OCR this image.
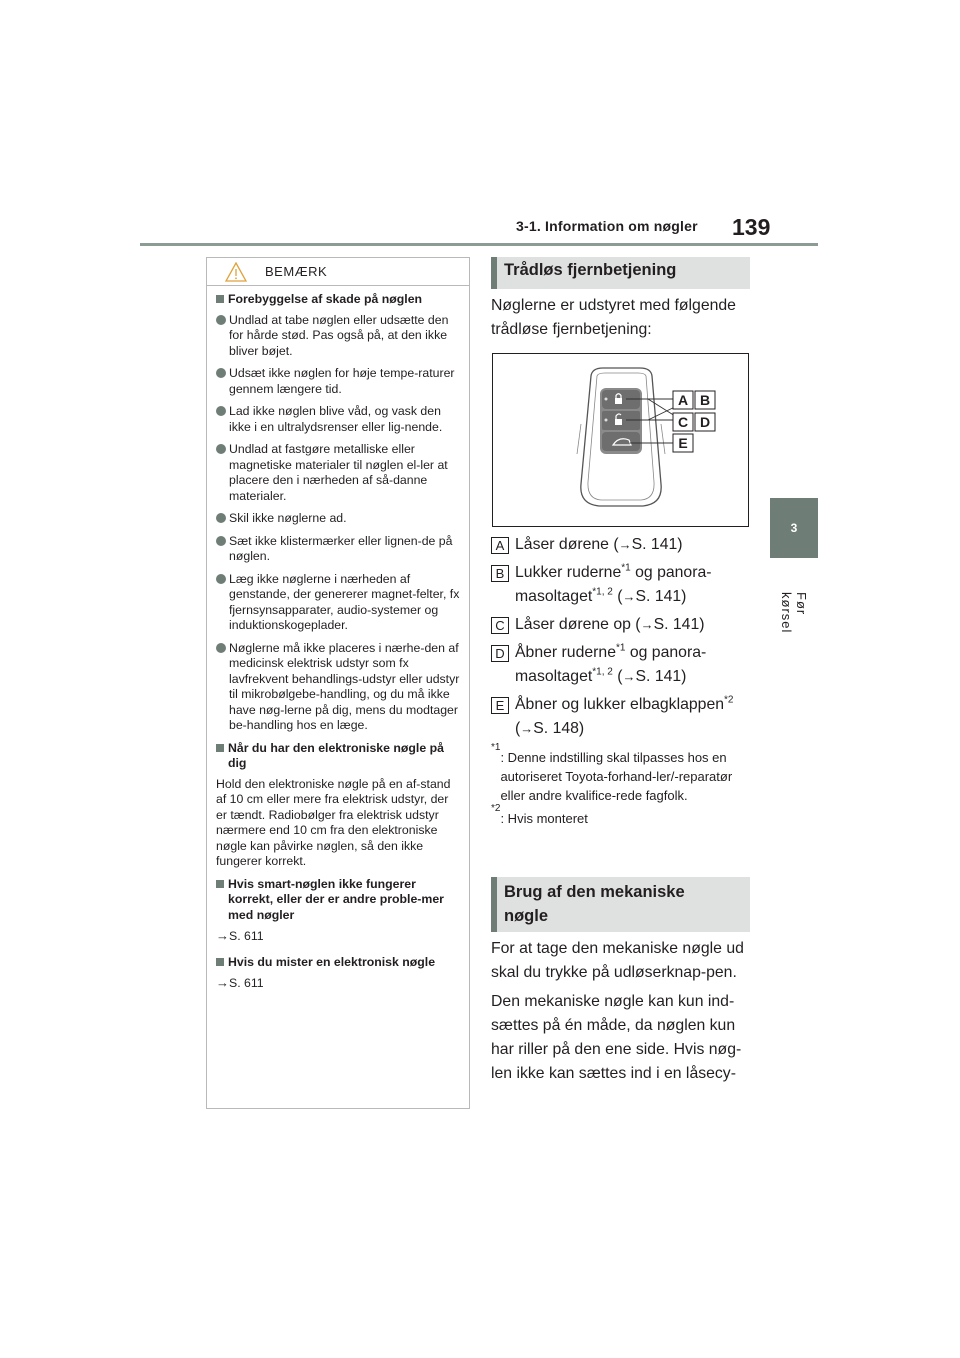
3-1. Information om nøgler 139
3
Før kørsel
BEMÆRK
Forebyggelse af skade på nøglen
Undlad at tabe nøglen eller udsætte den for hårde stød. Pas også på, at den ikke bliver bøjet.
Udsæt ikke nøglen for høje tempe-raturer gennem længere tid.
Lad ikke nøglen blive våd, og vask den ikke i en ultralydsrenser eller lig-nende.
Undlad at fastgøre metalliske eller magnetiske materialer til nøglen el-ler at placere den i nærheden af så-danne materialer.
Skil ikke nøglerne ad.
Sæt ikke klistermærker eller lignen-de på nøglen.
Læg ikke nøglerne i nærheden af genstande, der genererer magnet-felter, fx fjernsynsapparater, audio-systemer og induktionskogeplader.
Nøglerne må ikke placeres i nærhe-den af medicinsk elektrisk udstyr som fx lavfrekvent behandlings-udstyr eller udstyr til mikrobølgebe-handling, og du må ikke have nøg-lerne på dig, mens du modtager be-handling hos en læge.
Når du har den elektroniske nøgle på dig
Hold den elektroniske nøgle på en af-stand af 10 cm eller mere fra elektrisk udstyr, der er tændt. Radiobølger fra elektrisk udstyr nærmere end 10 cm fra den elektroniske nøgle kan påvirke nøglen, så den ikke fungerer korrekt.
Hvis smart-nøglen ikke fungerer korrekt, eller der er andre proble-mer med nøgler
→S. 611
Hvis du mister en elektronisk nøgle
→S. 611
Trådløs fjernbetjening
Nøglerne er udstyret med følgende trådløse fjernbetjening:
A B
C D
E
A Låser dørene (→S. 141)
B Lukker ruderne$^{*1}$ og panora-
masoltaget$^{*1, 2}$ (→S. 141)
C Låser dørene op (→S. 141)
D Åbner ruderne$^{*1}$ og panora-
masoltaget$^{*1, 2}$ (→S. 141)
E Åbner og lukker elbagklappen$^{*2}$
(→S. 148)
*1
: Denne indstilling skal tilpasses hos en autoriseret Toyota-forhand-ler/-reparatør eller andre kvalifice-rede fagfolk.
*2
: Hvis monteret
Brug af den mekaniske
nøgle

For at tage den mekaniske nøgle ud skal du trykke på udløserknap-pen.

Den mekaniske nøgle kan kun ind-sættes på én måde, da nøglen kun har riller på den ene side. Hvis nøg-len ikke kan sættes ind i en låsecy-
